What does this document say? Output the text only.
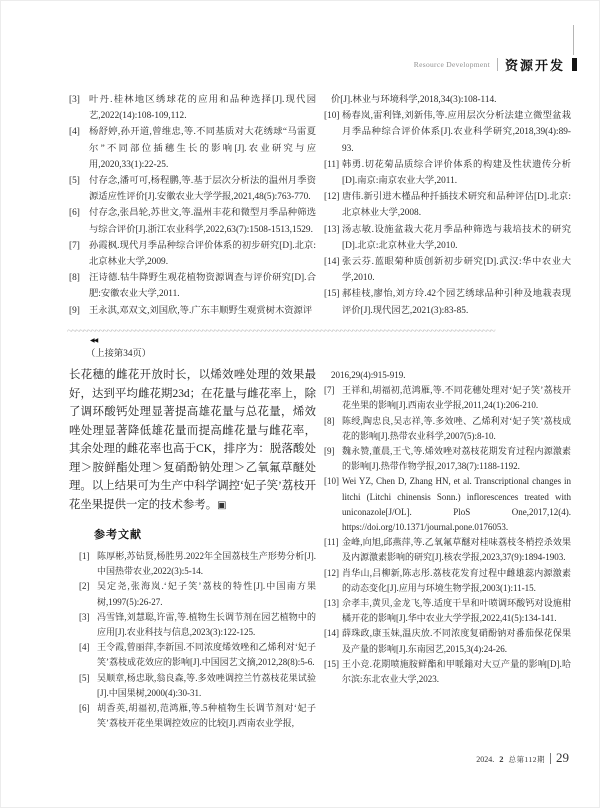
Resource Development 资源开发
[3] 叶丹.桂林地区绣球花的应用和品种选择[J].现代园艺,2022(14):108-109,112.
[4] 杨舒婷,孙开道,曾维忠,等.不同基质对大花绣球“马雷夏尔”不同部位插穗生长的影响[J].农业研究与应用,2020,33(1):22-25.
[5] 付存念,潘可可,杨程鹏,等.基于层次分析法的温州月季资源适应性评价[J].安徽农业大学学报,2021,48(5):763-770.
[6] 付存念,张昌轮,苏世文,等.温州丰花和微型月季品种筛选与综合评价[J].浙江农业科学,2022,63(7):1508-1513,1529.
[7] 孙霞枫.现代月季品种综合评价体系的初步研究[D].北京:北京林业大学,2009.
[8] 汪诗德.牯牛降野生观花植物资源调查与评价研究[D].合肥:安徽农业大学,2011.
[9] 王永淇,邓双文,刘国欣,等.广东丰顺野生观赏树木资源评
价[J].林业与环境科学,2018,34(3):108-114.
[10] 杨春岚,雷利锋,刘新伟,等.应用层次分析法建立微型盆栽月季品种综合评价体系[J].农业科学研究,2018,39(4):89-93.
[11] 韩勇.切花菊品质综合评价体系的构建及性状遗传分析[D].南京:南京农业大学,2011.
[12] 唐伟.新引进木槿品种扦插技术研究和品种评估[D].北京:北京林业大学,2008.
[13] 汤志敏.设施盆栽大花月季品种筛选与栽培技术的研究[D].北京:北京林业大学,2010.
[14] 张云芬.蓝眼菊种质创新初步研究[D].武汉:华中农业大学,2010.
[15] 郝桂枝,廖怡,刘方玲.42个园艺绣球品种引种及地栽表现评价[J].现代园艺,2021(3):83-85.
~~~~~
◀◀
（上接第34页）
长花穗的雌花开放时长，以烯效唑处理的效果最好，达到平均雌花期23d；在花量与雌花率上，除了调环酸钙处理显著提高雄花量与总花量，烯效唑处理显著降低雄花量而提高雌花量与雌花率，其余处理的雌花率也高于CK，排序为：脱落酸处理＞胺鲜酯处理＞复硝酚钠处理＞乙氧氟草醚处理。以上结果可为生产中科学调控‘妃子笑’荔枝开花坐果提供一定的技术参考。▣
参考文献
[1] 陈厚彬,苏钻贤,杨胜男.2022年全国荔枝生产形势分析[J].中国热带农业,2022(3):5-14.
[2] 吴定尧,张海岚.‘妃子笑’荔枝的特性[J].中国南方果树,1997(5):26-27.
[3] 冯雪锋,刘慧聪,许雷,等.植物生长调节剂在园艺植物中的应用[J].农业科技与信息,2023(3):122-125.
[4] 王令霞,曾丽萍,李新国.不同浓度烯效唑和乙烯利对‘妃子笑’荔枝成花效应的影响[J].中国园艺文摘,2012,28(8):5-6.
[5] 吴顺章,杨忠耿,翁良森,等.多效唑调控兰竹荔枝花果试验[J].中国果树,2000(4):30-31.
[6] 胡香英,胡福初,范鸿雁,等.5种植物生长调节剂对‘妃子笑’荔枝开花坐果调控效应的比较[J].西南农业学报,
2016,29(4):915-919.
[7] 王祥和,胡福初,范鸿雁,等.不同花穗处理对‘妃子笑’荔枝开花坐果的影响[J].西南农业学报,2011,24(1):206-210.
[8] 陈绶,陶忠良,吴志祥,等.多效唑、乙烯利对‘妃子笑’荔枝成花的影响[J].热带农业科学,2007(5):8-10.
[9] 魏永赞,董晨,王弋,等.烯效唑对荔枝花期发育过程内源激素的影响[J].热带作物学报,2017,38(7):1188-1192.
[10] Wei YZ, Chen D, Zhang HN, et al. Transcriptional changes in litchi (Litchi chinensis Sonn.) inflorescences treated with uniconazole[J/OL]. PloS One,2017,12(4). https://doi.org/10.1371/journal.pone.0176053.
[11] 金峰,向旭,邱燕萍,等.乙氧氟草醚对桂味荔枝冬梢控杀效果及内源激素影响的研究[J].核农学报,2023,37(9):1894-1903.
[12] 肖华山,吕柳新,陈志彤.荔枝花发育过程中雌雄蕊内源激素的动态变化[J].应用与环境生物学报,2003(1):11-15.
[13] 佘孝丰,黄贝,金龙飞,等.适度干旱和叶喷调环酸钙对设施柑橘开花的影响[J].华中农业大学学报,2022,41(5):134-141.
[14] 薛珠政,康玉妹,温庆放.不同浓度复硝酚钠对番茄保花保果及产量的影响[J].东南园艺,2015,3(4):24-26.
[15] 王小竞.花期喷施胺鲜酯和甲哌鎓对大豆产量的影响[D].哈尔滨:东北农业大学,2023.
2024. 2 总第112期 29
